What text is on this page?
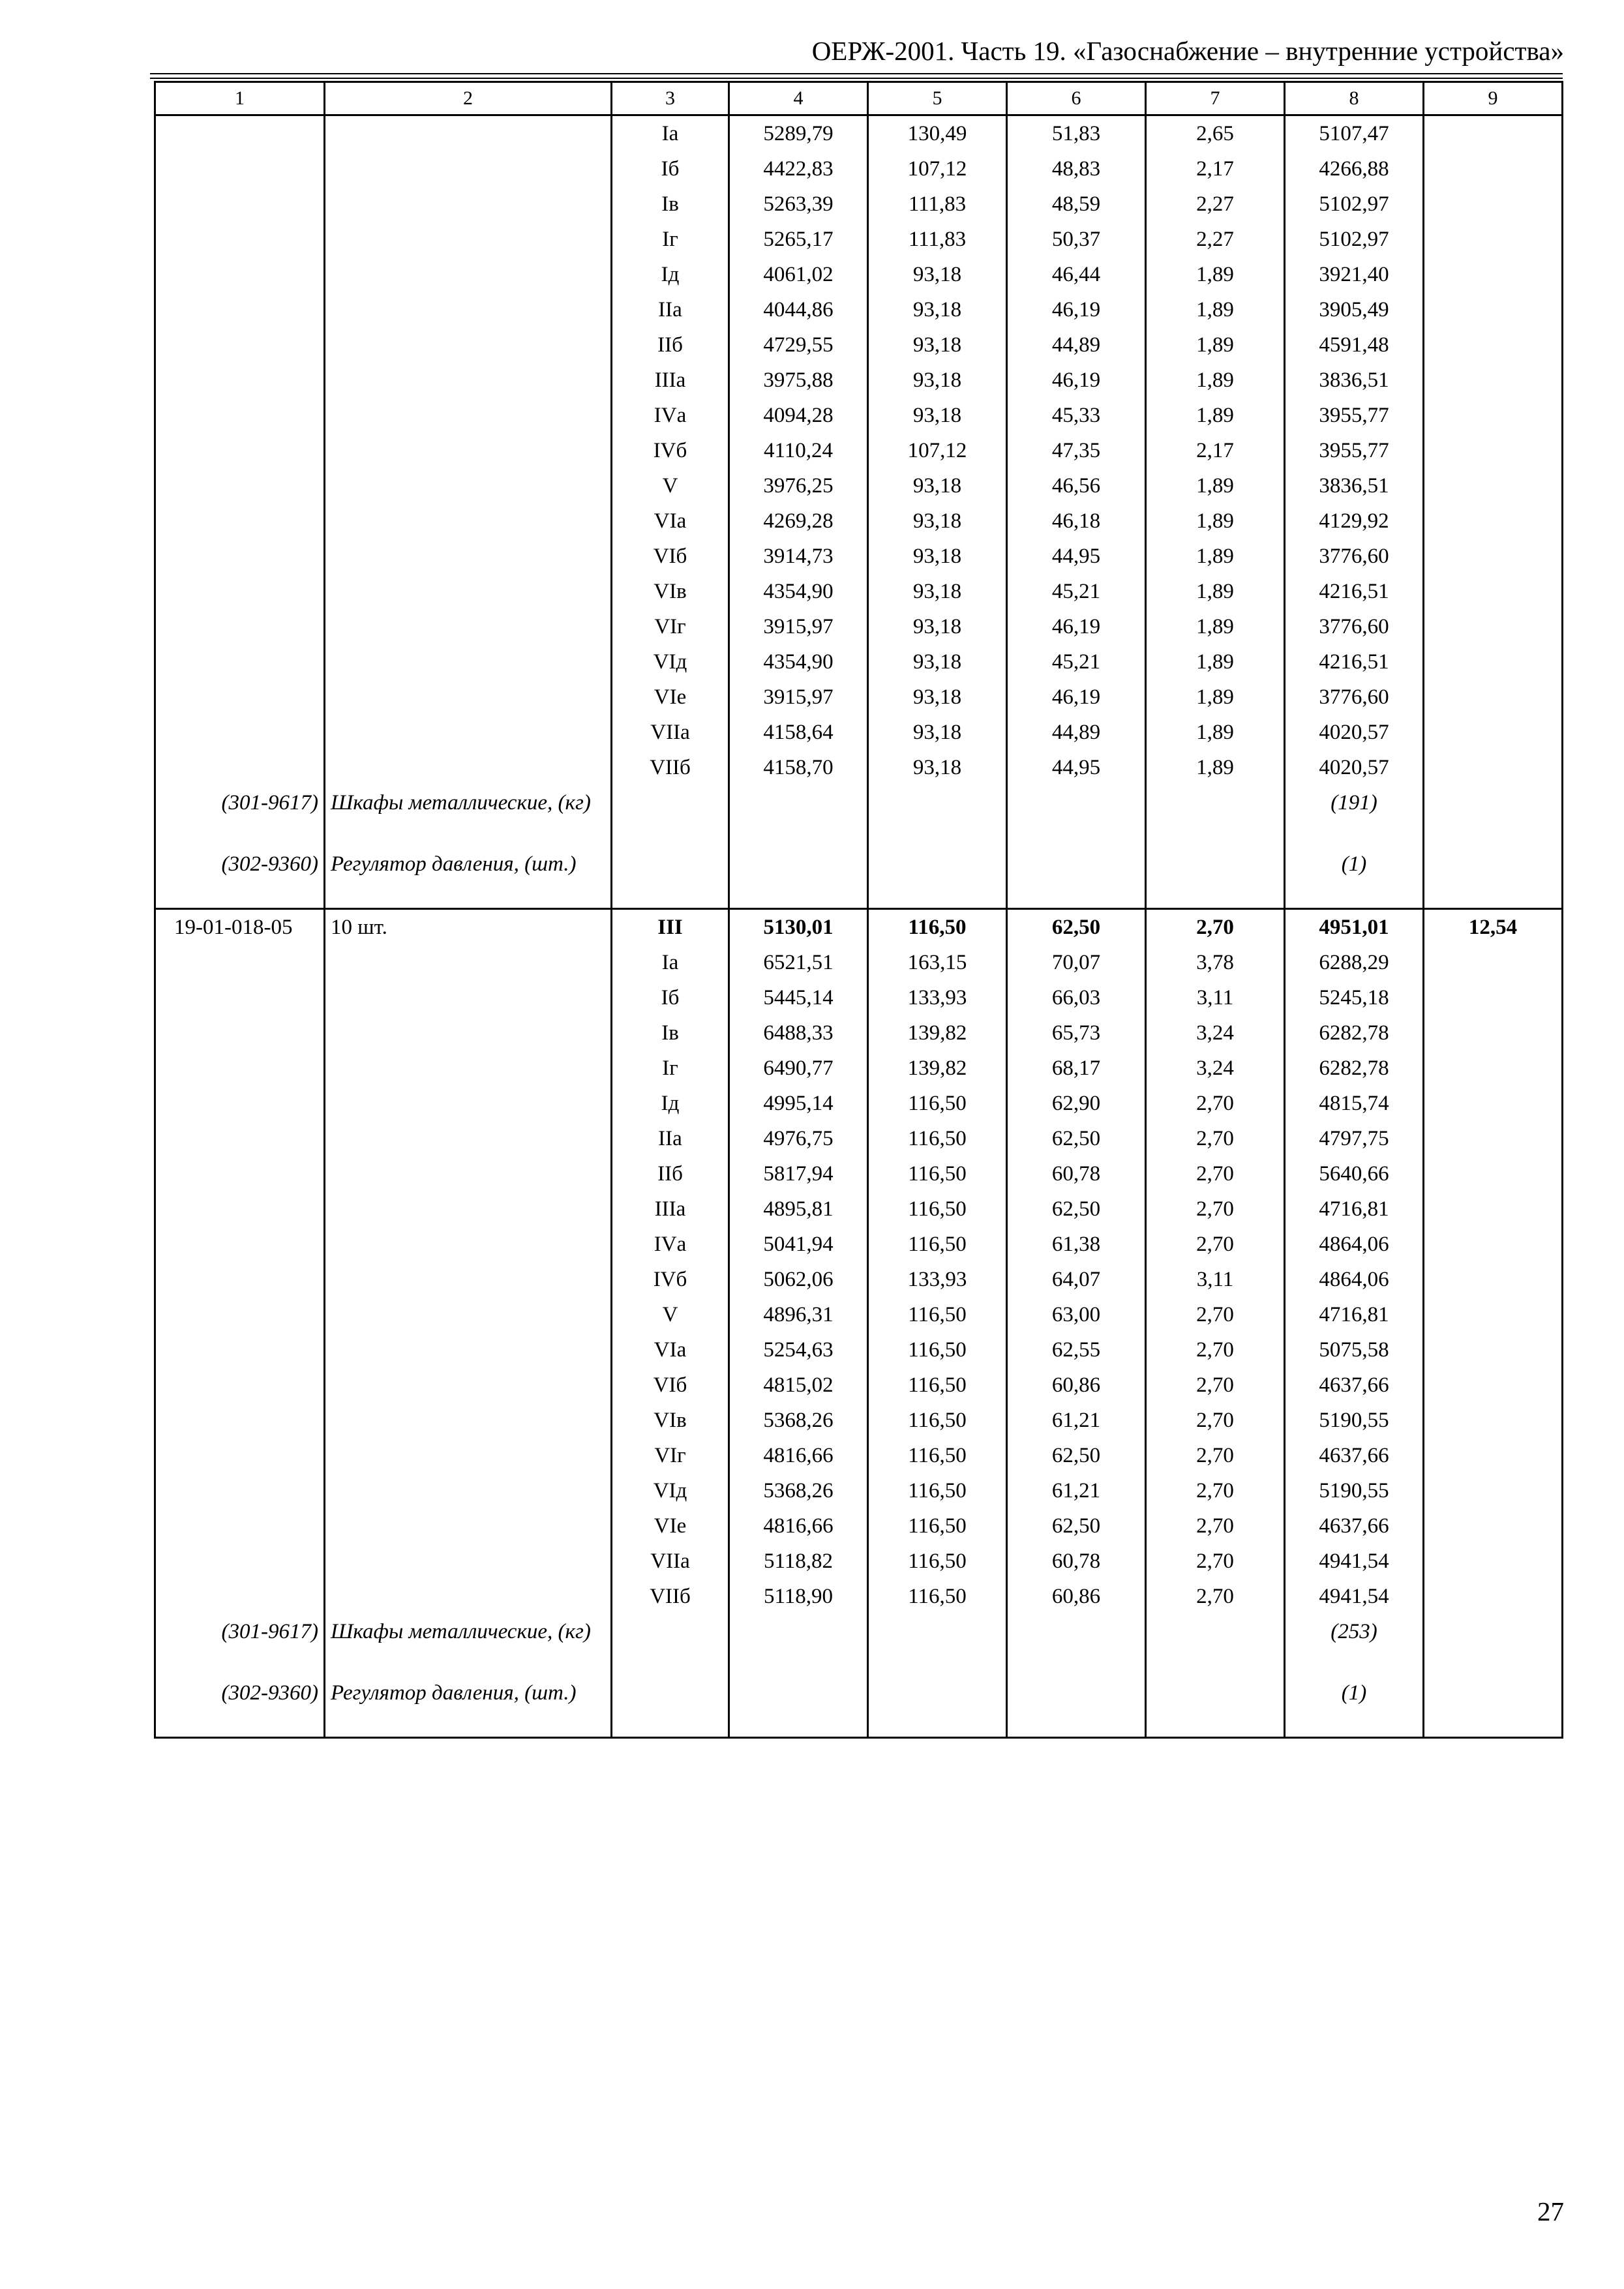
ОЕРЖ-2001. Часть 19. «Газоснабжение – внутренние устройства»
1	2	3	4	5	6	7	8	9
		Ia	5289,79	130,49	51,83	2,65	5107,47	
		Iб	4422,83	107,12	48,83	2,17	4266,88	
		Iв	5263,39	111,83	48,59	2,27	5102,97	
		Iг	5265,17	111,83	50,37	2,27	5102,97	
		Iд	4061,02	93,18	46,44	1,89	3921,40	
		IIа	4044,86	93,18	46,19	1,89	3905,49	
		IIб	4729,55	93,18	44,89	1,89	4591,48	
		IIIа	3975,88	93,18	46,19	1,89	3836,51	
		IVа	4094,28	93,18	45,33	1,89	3955,77	
		IVб	4110,24	107,12	47,35	2,17	3955,77	
		V	3976,25	93,18	46,56	1,89	3836,51	
		VIа	4269,28	93,18	46,18	1,89	4129,92	
		VIб	3914,73	93,18	44,95	1,89	3776,60	
		VIв	4354,90	93,18	45,21	1,89	4216,51	
		VIг	3915,97	93,18	46,19	1,89	3776,60	
		VIд	4354,90	93,18	45,21	1,89	4216,51	
		VIе	3915,97	93,18	46,19	1,89	3776,60	
		VIIа	4158,64	93,18	44,89	1,89	4020,57	
		VIIб	4158,70	93,18	44,95	1,89	4020,57	
(301-9617)	Шкафы металлические, (кг)						(191)	
(302-9360)	Регулятор давления, (шт.)						(1)	
19-01-018-05	10 шт.	III	5130,01	116,50	62,50	2,70	4951,01	12,54
		Ia	6521,51	163,15	70,07	3,78	6288,29	
		Iб	5445,14	133,93	66,03	3,11	5245,18	
		Iв	6488,33	139,82	65,73	3,24	6282,78	
		Iг	6490,77	139,82	68,17	3,24	6282,78	
		Iд	4995,14	116,50	62,90	2,70	4815,74	
		IIа	4976,75	116,50	62,50	2,70	4797,75	
		IIб	5817,94	116,50	60,78	2,70	5640,66	
		IIIа	4895,81	116,50	62,50	2,70	4716,81	
		IVа	5041,94	116,50	61,38	2,70	4864,06	
		IVб	5062,06	133,93	64,07	3,11	4864,06	
		V	4896,31	116,50	63,00	2,70	4716,81	
		VIа	5254,63	116,50	62,55	2,70	5075,58	
		VIб	4815,02	116,50	60,86	2,70	4637,66	
		VIв	5368,26	116,50	61,21	2,70	5190,55	
		VIг	4816,66	116,50	62,50	2,70	4637,66	
		VIд	5368,26	116,50	61,21	2,70	5190,55	
		VIе	4816,66	116,50	62,50	2,70	4637,66	
		VIIа	5118,82	116,50	60,78	2,70	4941,54	
		VIIб	5118,90	116,50	60,86	2,70	4941,54	
(301-9617)	Шкафы металлические, (кг)						(253)	
(302-9360)	Регулятор давления, (шт.)						(1)	
27
